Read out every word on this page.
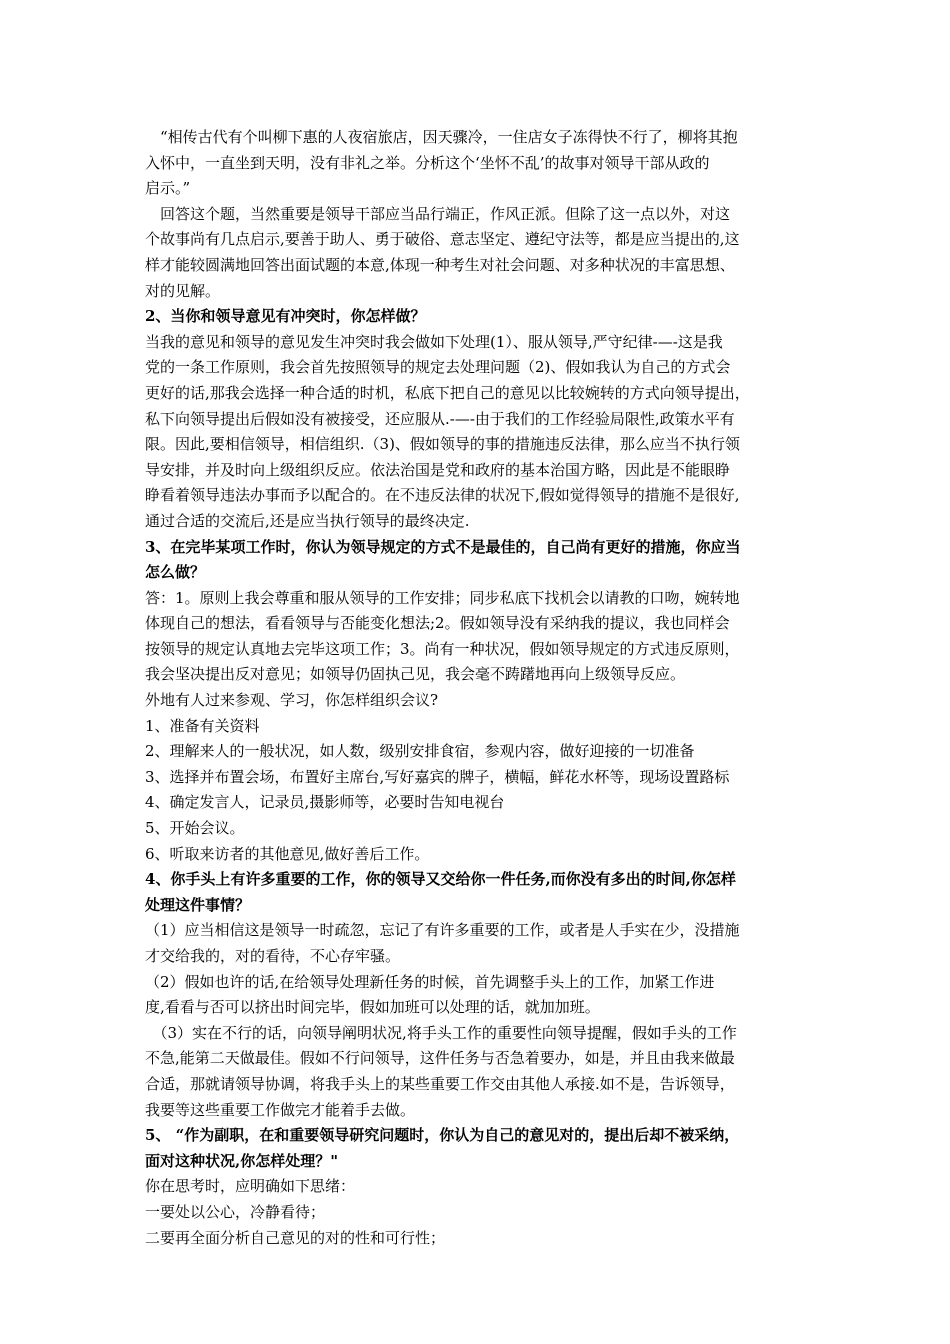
“相传古代有个叫柳下惠的人夜宿旅店，因天骤冷，一住店女子冻得快不行了，柳将其抱
入怀中，一直坐到天明，没有非礼之举。分析这个‘坐怀不乱’的故事对领导干部从政的
启示。”
回答这个题，当然重要是领导干部应当品行端正，作风正派。但除了这一点以外，对这
个故事尚有几点启示,要善于助人、勇于破俗、意志坚定、遵纪守法等，都是应当提出的,这
样才能较圆满地回答出面试题的本意,体现一种考生对社会问题、对多种状况的丰富思想、
对的见解。
2、当你和领导意见有冲突时，你怎样做？
当我的意见和领导的意见发生冲突时我会做如下处理(1）、服从领导,严守纪律-—-这是我
党的一条工作原则，我会首先按照领导的规定去处理问题（2)、假如我认为自己的方式会
更好的话,那我会选择一种合适的时机，私底下把自己的意见以比较婉转的方式向领导提出，
私下向领导提出后假如没有被接受，还应服从.-—-由于我们的工作经验局限性,政策水平有
限。因此,要相信领导，相信组织.（3)、假如领导的事的措施违反法律，那么应当不执行领
导安排，并及时向上级组织反应。依法治国是党和政府的基本治国方略，因此是不能眼睁
睁看着领导违法办事而予以配合的。在不违反法律的状况下,假如觉得领导的措施不是很好,
通过合适的交流后,还是应当执行领导的最终决定.
3、在完毕某项工作时，你认为领导规定的方式不是最佳的，自己尚有更好的措施，你应当
怎么做？
答：1。原则上我会尊重和服从领导的工作安排；同步私底下找机会以请教的口吻，婉转地
体现自己的想法，看看领导与否能变化想法;2。假如领导没有采纳我的提议，我也同样会
按领导的规定认真地去完毕这项工作；3。尚有一种状况，假如领导规定的方式违反原则，
我会坚决提出反对意见；如领导仍固执己见，我会毫不踌躇地再向上级领导反应。
外地有人过来参观、学习，你怎样组织会议?
1、准备有关资料
2、理解来人的一般状况，如人数，级别安排食宿，参观内容，做好迎接的一切准备
3、选择并布置会场，布置好主席台,写好嘉宾的牌子，横幅，鲜花水杯等，现场设置路标
4、确定发言人，记录员,摄影师等，必要时告知电视台
5、开始会议。
6、听取来访者的其他意见,做好善后工作。
4、你手头上有许多重要的工作，你的领导又交给你一件任务,而你没有多出的时间,你怎样
处理这件事情？
（1）应当相信这是领导一时疏忽，忘记了有许多重要的工作，或者是人手实在少，没措施
才交给我的，对的看待，不心存牢骚。
（2）假如也许的话,在给领导处理新任务的时候，首先调整手头上的工作，加紧工作进
度,看看与否可以挤出时间完毕，假如加班可以处理的话，就加加班。
（3）实在不行的话，向领导阐明状况,将手头工作的重要性向领导提醒，假如手头的工作
不急,能第二天做最佳。假如不行问领导，这件任务与否急着要办，如是，并且由我来做最
合适，那就请领导协调，将我手头上的某些重要工作交由其他人承接.如不是，告诉领导，
我要等这些重要工作做完才能着手去做。
5、 “作为副职，在和重要领导研究问题时，你认为自己的意见对的，提出后却不被采纳，
面对这种状况,你怎样处理？"
你在思考时，应明确如下思绪：
一要处以公心，冷静看待；
二要再全面分析自己意见的对的性和可行性；
